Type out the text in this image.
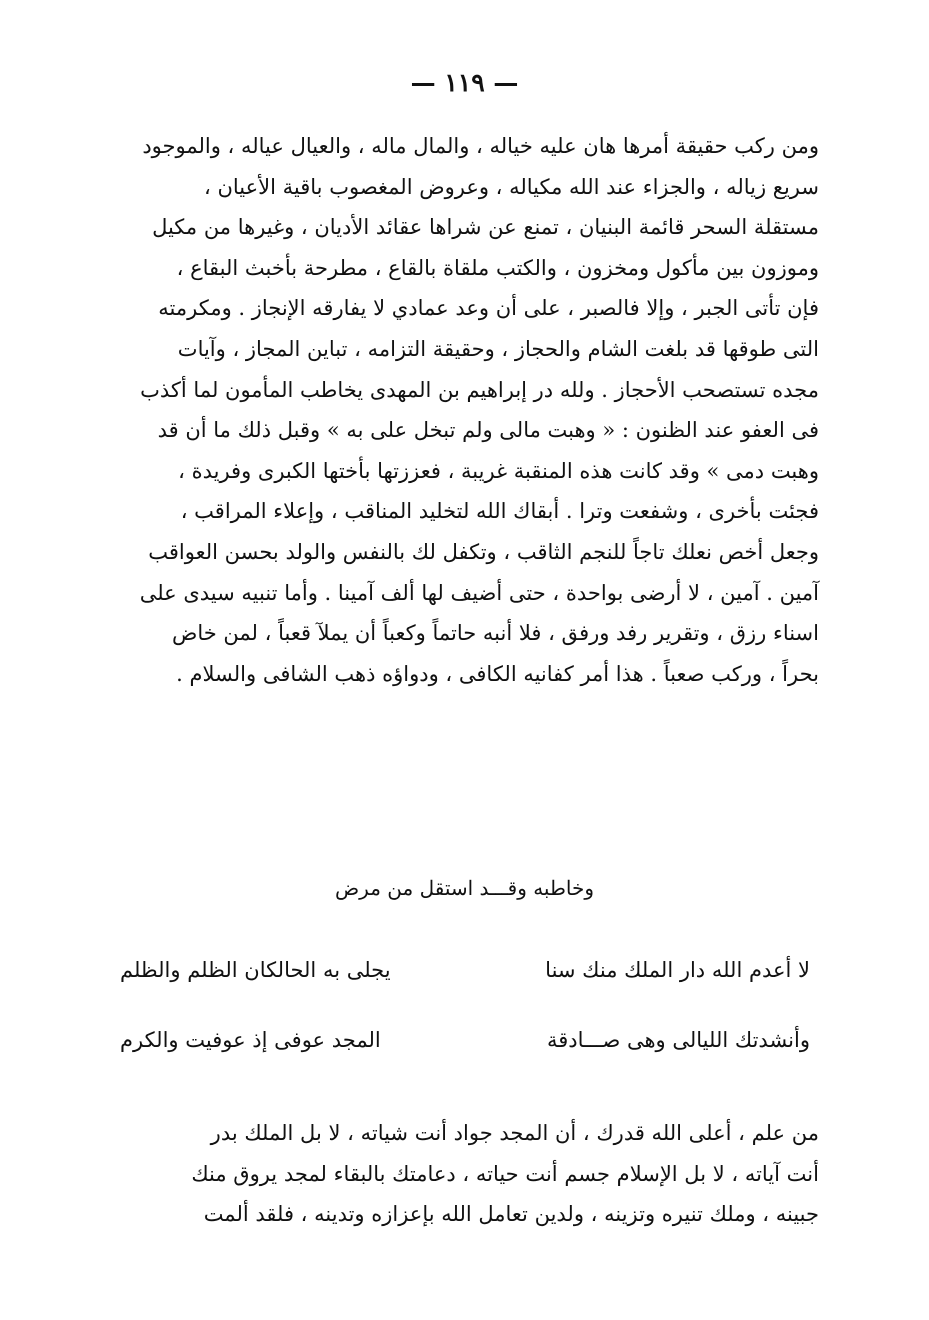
— ١١٩ —

ومن ركب حقيقة أمرها هان عليه خياله ، والمال ماله ، والعيال عياله ، والموجود

سريع زياله ، والجزاء عند الله مكياله ، وعروض المغصوب باقية الأعيان ،

مستقلة السحر قائمة البنيان ، تمنع عن شراها عقائد الأديان ، وغيرها من مكيل

وموزون بين مأكول ومخزون ، والكتب ملقاة بالقاع ، مطرحة بأخبث البقاع ،

فإن تأتى الجبر ، وإلا فالصبر ، على أن وعد عمادي لا يفارقه الإنجاز . ومكرمته

التى طوقها قد بلغت الشام والحجاز ، وحقيقة التزامه ، تباين المجاز ، وآيات

مجده تستصحب الأحجاز . ولله در إبراهيم بن المهدى يخاطب المأمون لما أكذب

فى العفو عند الظنون : « وهبت مالى ولم تبخل على به » وقبل ذلك ما أن قد

وهبت دمى » وقد كانت هذه المنقبة غريبة ، فعززتها بأختها الكبرى وفريدة ،

فجئت بأخرى ، وشفعت وترا . أبقاك الله لتخليد المناقب ، وإعلاء المراقب ،

وجعل أخص نعلك تاجاً للنجم الثاقب ، وتكفل لك بالنفس والولد بحسن العواقب

آمين . آمين ، لا أرضى بواحدة ، حتى أضيف لها ألف آمينا . وأما تنبيه سيدى على

اسناء رزق ، وتقرير رفد ورفق ، فلا أنبه حاتماً وكعباً أن يملآ قعباً ، لمن خاض

بحراً ، وركب صعباً . هذا أمر كفانيه الكافى ، ودواؤه ذهب الشافى والسلام .

وخاطبه وقـــد استقل من مرض
لا أعدم الله دار الملك منك سنا
يجلى به الحالكان الظلم والظلم
وأنشدتك الليالى وهى صـــادقة
المجد عوفى إذ عوفيت والكرم

من علم ، أعلى الله قدرك ، أن المجد جواد أنت شياته ، لا بل الملك بدر

أنت آياته ، لا بل الإسلام جسم أنت حياته ، دعامتك بالبقاء لمجد يروق منك

جبينه ، وملك تنيره وتزينه ، ولدين تعامل الله بإعزازه وتدينه ، فلقد ألمت
